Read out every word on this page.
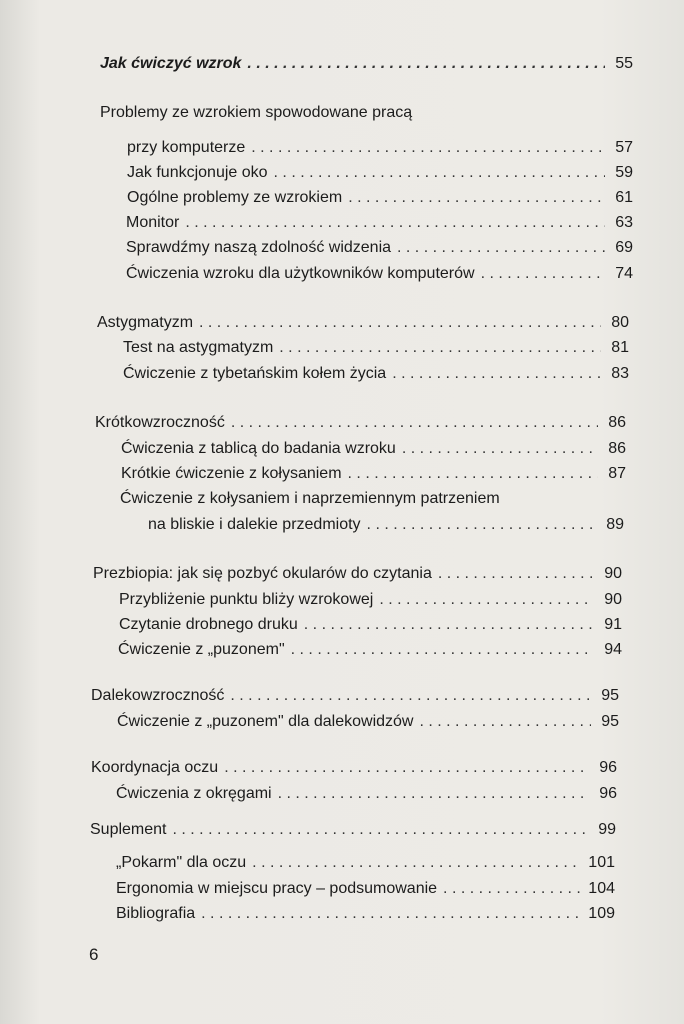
Jak ćwiczyć wzrok . . .	55
Problemy ze wzrokiem spowodowane pracą
przy komputerze . . .	57
Jak funkcjonuje oko . . .	59
Ogólne problemy ze wzrokiem . . .	61
Monitor . . .	63
Sprawdźmy naszą zdolność widzenia . . .	69
Ćwiczenia wzroku dla użytkowników komputerów . . .	74
Astygmatyzm . . .	80
Test na astygmatyzm . . .	81
Ćwiczenie z tybetańskim kołem życia . . .	83
Krótkowzroczność . . .	86
Ćwiczenia z tablicą do badania wzroku . . .	86
Krótkie ćwiczenie z kołysaniem . . .	87
Ćwiczenie z kołysaniem i naprzemiennym patrzeniem
na bliskie i dalekie przedmioty . . .	89
Prezbiopia: jak się pozbyć okularów do czytania . . .	90
Przybliżenie punktu bliży wzrokowej . . .	90
Czytanie drobnego druku . . .	91
Ćwiczenie z „puzonem" . . .	94
Dalekowzroczność . . .	95
Ćwiczenie z „puzonem" dla dalekowidzów . . .	95
Koordynacja oczu . . .	96
Ćwiczenia z okręgami . . .	96
Suplement . . .	99
„Pokarm" dla oczu . . .	101
Ergonomia w miejscu pracy – podsumowanie . . .	104
Bibliografia . . .	109
6
